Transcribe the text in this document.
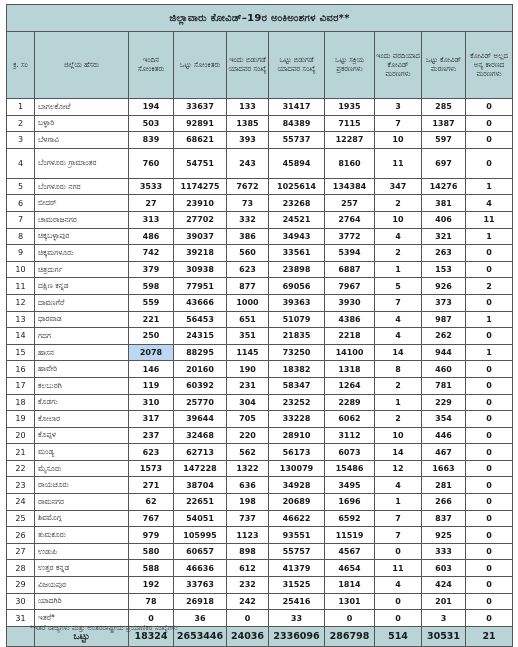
ಜಿಲ್ಲಾವಾರು ಕೋವಿಡ್–19ರ ಅಂಕಿಅಂಶಗಳ ವಿವರ**									
ಕ್ರ. ಸಂ	ಜಿಲ್ಲೆಯ ಹೆಸರು	ಇಂದಿನ ಸೋಂಕಿತರು	ಒಟ್ಟು ಸೋಂಕಿತರು	ಇಂದು ಬಿಡುಗಡೆ ಯಾದವರ ಸಂಖ್ಯೆ	ಒಟ್ಟು ಬಿಡುಗಡೆ ಯಾದವರ ಸಂಖ್ಯೆ	ಒಟ್ಟು ಸಕ್ರಿಯ ಪ್ರಕರಣಗಳು	ಇಂದು ವರದಿಯಾದ ಕೋವಿಡ್ ಮರಣಗಳು	ಒಟ್ಟು ಕೋವಿಡ್ ಮರಣಗಳು	ಕೋವಿಡ್ ಅಲ್ಲದ ಅನ್ಯ ಕಾರಣದ ಮರಣಗಳು
1	ಬಾಗಲಕೋಟೆ	194	33637	133	31417	1935	3	285	0
2	ಬಳ್ಳಾರಿ	503	92891	1385	84389	7115	7	1387	0
3	ಬೆಳಗಾವಿ	839	68621	393	55737	12287	10	597	0
4	ಬೆಂಗಳೂರು ಗ್ರಾಮಾಂತರ	760	54751	243	45894	8160	11	697	0
5	ಬೆಂಗಳೂರು ನಗರ	3533	1174275	7672	1025614	134384	347	14276	1
6	ಬೀದರ್	27	23910	73	23268	257	2	381	4
7	ಚಾಮರಾಜನಗರ	313	27702	332	24521	2764	10	406	11
8	ಚಿಕ್ಕಬಳ್ಳಾಪುರ	486	39037	386	34943	3772	4	321	1
9	ಚಿಕ್ಕಮಗಳೂರು	742	39218	560	33561	5394	2	263	0
10	ಚಿತ್ರದುರ್ಗ	379	30938	623	23898	6887	1	153	0
11	ದಕ್ಷಿಣ ಕನ್ನಡ	598	77951	877	69056	7967	5	926	2
12	ದಾವಣಗೆರೆ	559	43666	1000	39363	3930	7	373	0
13	ಧಾರವಾಡ	221	56453	651	51079	4386	4	987	1
14	ಗದಗ	250	24315	351	21835	2218	4	262	0
15	ಹಾಸನ	2078	88295	1145	73250	14100	14	944	1
16	ಹಾವೇರಿ	146	20160	190	18382	1318	8	460	0
17	ಕಲಬುರಗಿ	119	60392	231	58347	1264	2	781	0
18	ಕೊಡಗು	310	25770	304	23252	2289	1	229	0
19	ಕೋಲಾರ	317	39644	705	33228	6062	2	354	0
20	ಕೊಪ್ಪಳ	237	32468	220	28910	3112	10	446	0
21	ಮಂಡ್ಯ	623	62713	562	56173	6073	14	467	0
22	ಮೈಸೂರು	1573	147228	1322	130079	15486	12	1663	0
23	ರಾಯಚೂರು	271	38704	636	34928	3495	4	281	0
24	ರಾಮನಗರ	62	22651	198	20689	1696	1	266	0
25	ಶಿವಮೊಗ್ಗ	767	54051	737	46622	6592	7	837	0
26	ತುಮಕೂರು	979	105995	1123	93551	11519	7	925	0
27	ಉಡುಪಿ	580	60657	898	55757	4567	0	333	0
28	ಉತ್ತರ ಕನ್ನಡ	588	46636	612	41379	4654	11	603	0
29	ವಿಜಯಪುರ	192	33763	232	31525	1814	4	424	0
30	ಯಾದಗಿರಿ	78	26918	242	25416	1301	0	201	0
31	ಇತರೆ*	0	36	0	33	0	0	3	0
	ಒಟ್ಟು	18324	2653446	24036	2336096	286798	514	30531	21
*ಇತರೆ ರಾಜ್ಯಗಳು ಮತ್ತು ಅಂತರರಾಷ್ಟ್ರೀಯ ಪ್ರಯಾಣಿಕರ ಸಂಖ್ಯೆಗಳು
